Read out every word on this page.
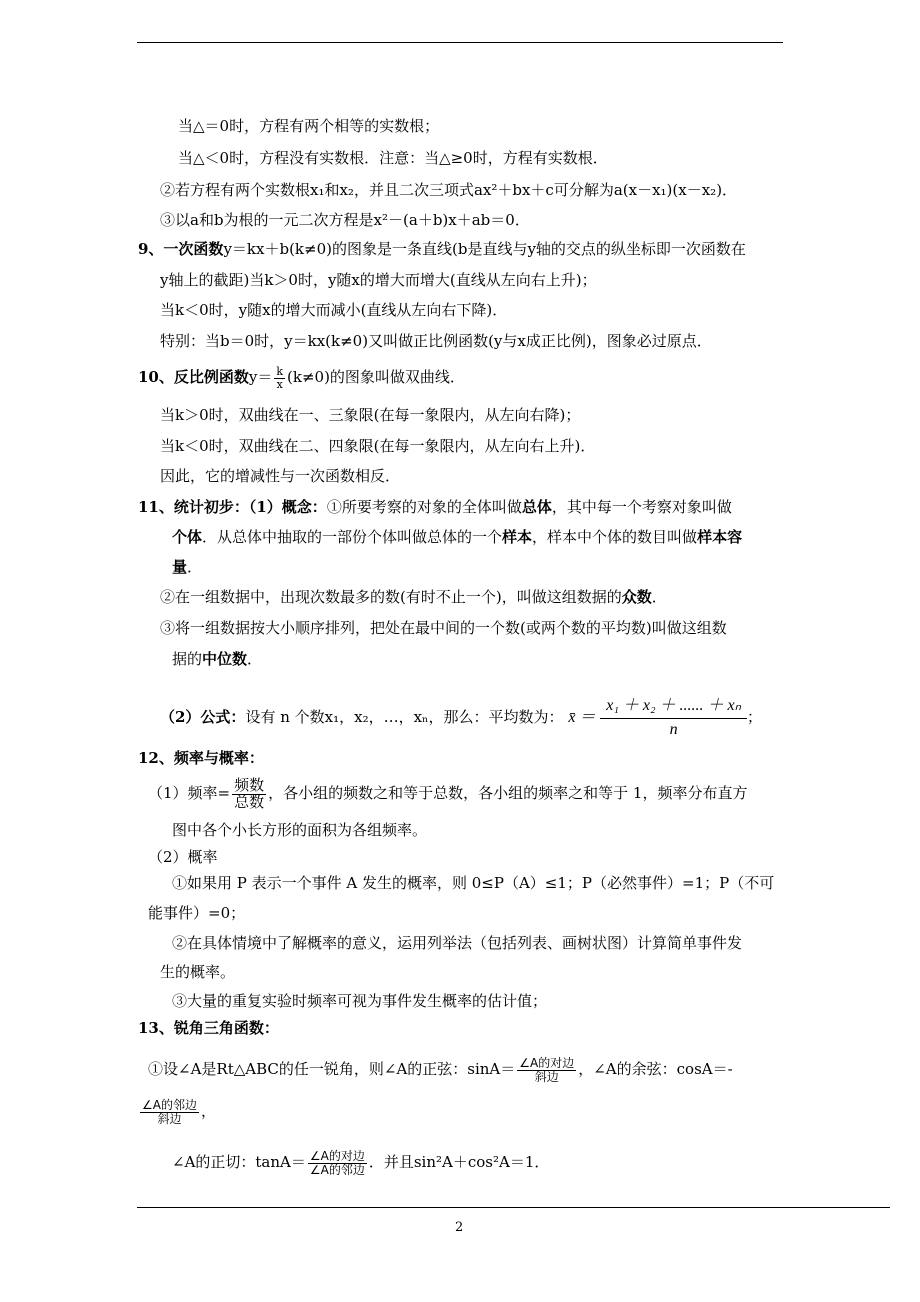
当△＝0时，方程有两个相等的实数根；
当△＜0时，方程没有实数根．注意：当△≥0时，方程有实数根．
②若方程有两个实数根x₁和x₂，并且二次三项式ax²＋bx＋c可分解为a(x－x₁)(x－x₂)．
③以a和b为根的一元二次方程是x²－(a＋b)x＋ab＝0．
9、一次函数y＝kx＋b(k≠0)的图象是一条直线(b是直线与y轴的交点的纵坐标即一次函数在
y轴上的截距)当k＞0时，y随x的增大而增大(直线从左向右上升)；
当k＜0时，y随x的增大而减小(直线从左向右下降)．
特别：当b＝0时，y＝kx(k≠0)又叫做正比例函数(y与x成正比例)，图象必过原点．
10、反比例函数$y= \frac{k}{x} (k\ne 0)$的图象叫做双曲线．
当k＞0时，双曲线在一、三象限(在每一象限内，从左向右降)；
当k＜0时，双曲线在二、四象限(在每一象限内，从左向右上升)．
因此，它的增减性与一次函数相反．
11、统计初步：（1）概念：①所要考察的对象的全体叫做总体，其中每一个考察对象叫做
个体．从总体中抽取的一部份个体叫做总体的一个样本，样本中个体的数目叫做样本容
量．
②在一组数据中，出现次数最多的数(有时不止一个)，叫做这组数据的众数．
③将一组数据按大小顺序排列，把处在最中间的一个数(或两个数的平均数)叫做这组数
据的中位数．
（2）公式：设有 n 个数x₁，x₂，…，xₙ，那么：平均数为： x̄ ＝ $\frac{\text{x₁ ＋ x₂ ＋ ...... ＋ xₙ}}{n}$ ；
12、频率与概率：
（1）频率= $\frac{\text{频数}}{\text{总数}}$ ，各小组的频数之和等于总数，各小组的频率之和等于 1，频率分布直方
图中各个小长方形的面积为各组频率。
（2）概率
①如果用 P 表示一个事件 A 发生的概率，则 0≤P（A）≤1；P（必然事件）=1；P（不可
能事件）=0；
②在具体情境中了解概率的意义，运用列举法（包括列表、画树状图）计算简单事件发
生的概率。
③大量的重复实验时频率可视为事件发生概率的估计值；
13、锐角三角函数：
①设∠A是Rt△ABC的任一锐角，则∠A的正弦：$\sin A= \frac{\text{∠A的对边}}{\text{斜边}}$ ，∠A的余弦：cosA＝-
$\frac{\text{∠A的邻边}}{\text{斜边}}$ ，
∠A的正切：$\tan A= \frac{\text{∠A的对边}}{\text{∠A的邻边}}$ ．并且sin²A＋cos²A＝1．
2
